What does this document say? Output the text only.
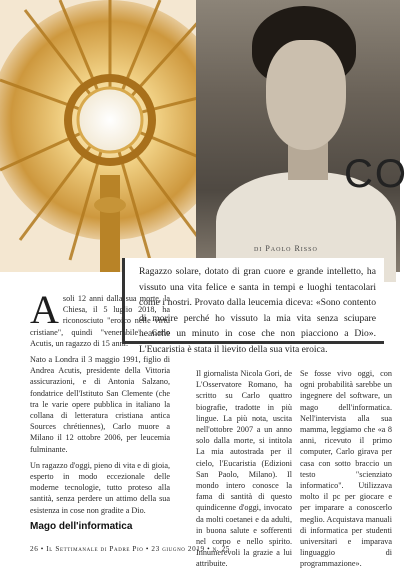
CO
di Paolo Risso
Ragazzo solare, dotato di gran cuore e grande intelletto, ha vissuto una vita felice e santa in tempi e luoghi tentacolari come i nostri. Provato dalla leucemia diceva: «Sono contento di morire perché ho vissuto la mia vita senza sciupare neanche un minuto in cose che non piacciono a Dio». L'Eucaristia è stata il lievito della sua vita eroica.

A soli 12 anni dalla sua morte, la Chiesa, il 5 luglio 2018, ha riconosciuto "eroico nelle virtù cristiane", quindi "venerabile", Carlo Acutis, un ragazzo di 15 anni.

Nato a Londra il 3 maggio 1991, figlio di Andrea Acutis, presidente della Vittoria assicurazioni, e di Antonia Salzano, fondatrice dell'Istituto San Clemente (che tra le varie opere pubblica in italiano la collana di letteratura cristiana antica Sources chrétiennes), Carlo muore a Milano il 12 ottobre 2006, per leucemia fulminante.

Un ragazzo d'oggi, pieno di vita e di gioia, esperto in modo eccezionale delle moderne tecnologie, tutto proteso alla santità, senza perdere un attimo della sua esistenza in cose non gradite a Dio.

Mago dell'informatica

Il giornalista Nicola Gori, de L'Osservatore Romano, ha scritto su Carlo quattro biografie, tradotte in più lingue. La più nota, uscita nell'ottobre 2007 a un anno solo dalla morte, si intitola La mia autostrada per il cielo, l'Eucaristia (Edizioni San Paolo, Milano). Il mondo intero conosce la fama di santità di questo quindicenne d'oggi, invocato da molti coetanei e da adulti, in buona salute e sofferenti nel corpo e nello spirito. Innumerevoli la grazie a lui attribuite.

Se fosse vivo oggi, con ogni probabilità sarebbe un ingegnere del software, un mago dell'informatica. Nell'intervista alla sua mamma, leggiamo che «a 8 anni, ricevuto il primo computer, Carlo girava per casa con sotto braccio un testo "scienziato informatico". Utilizzava molto il pc per giocare e per imparare a conoscerlo meglio. Acquistava manuali di informatica per studenti universitari e imparava linguaggio di programmazione».

26 • Il Settimanale di Padre Pio • 23 giugno 2019 • n. 25
